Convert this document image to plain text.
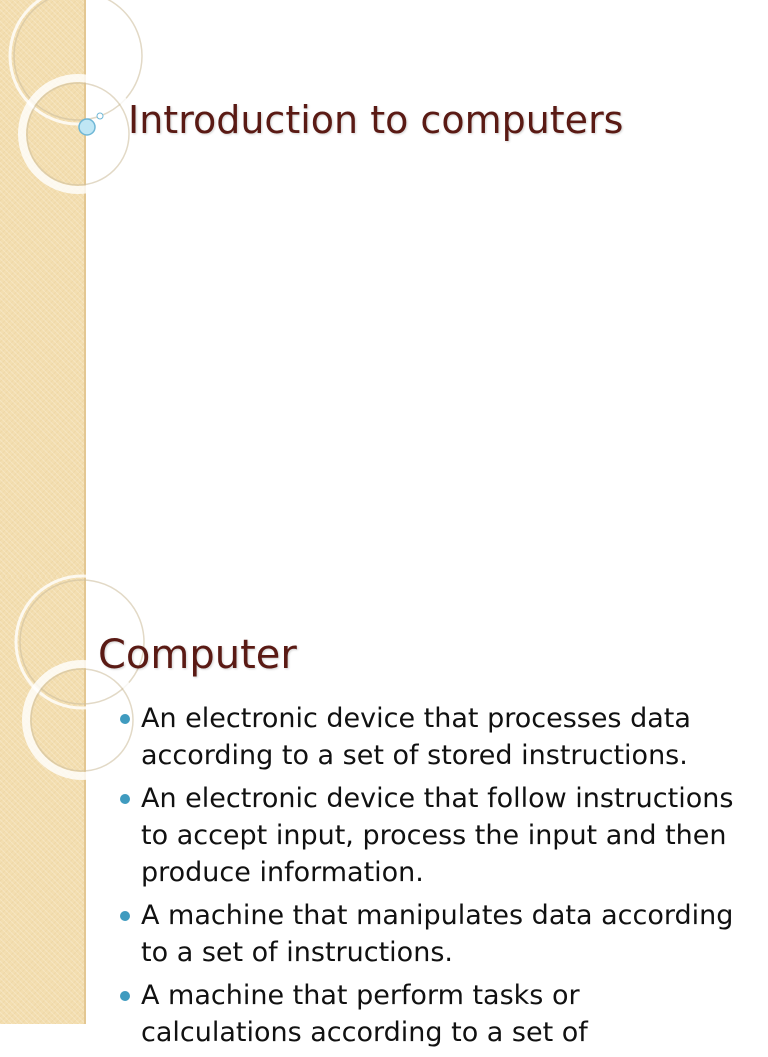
Introduction to computers
Computer
An electronic device that processes data according to a set of stored instructions.
An electronic device that follow instructions to accept input, process the input and then produce information.
A machine that manipulates data according to a set of instructions.
A machine that perform tasks or calculations according to a set of
